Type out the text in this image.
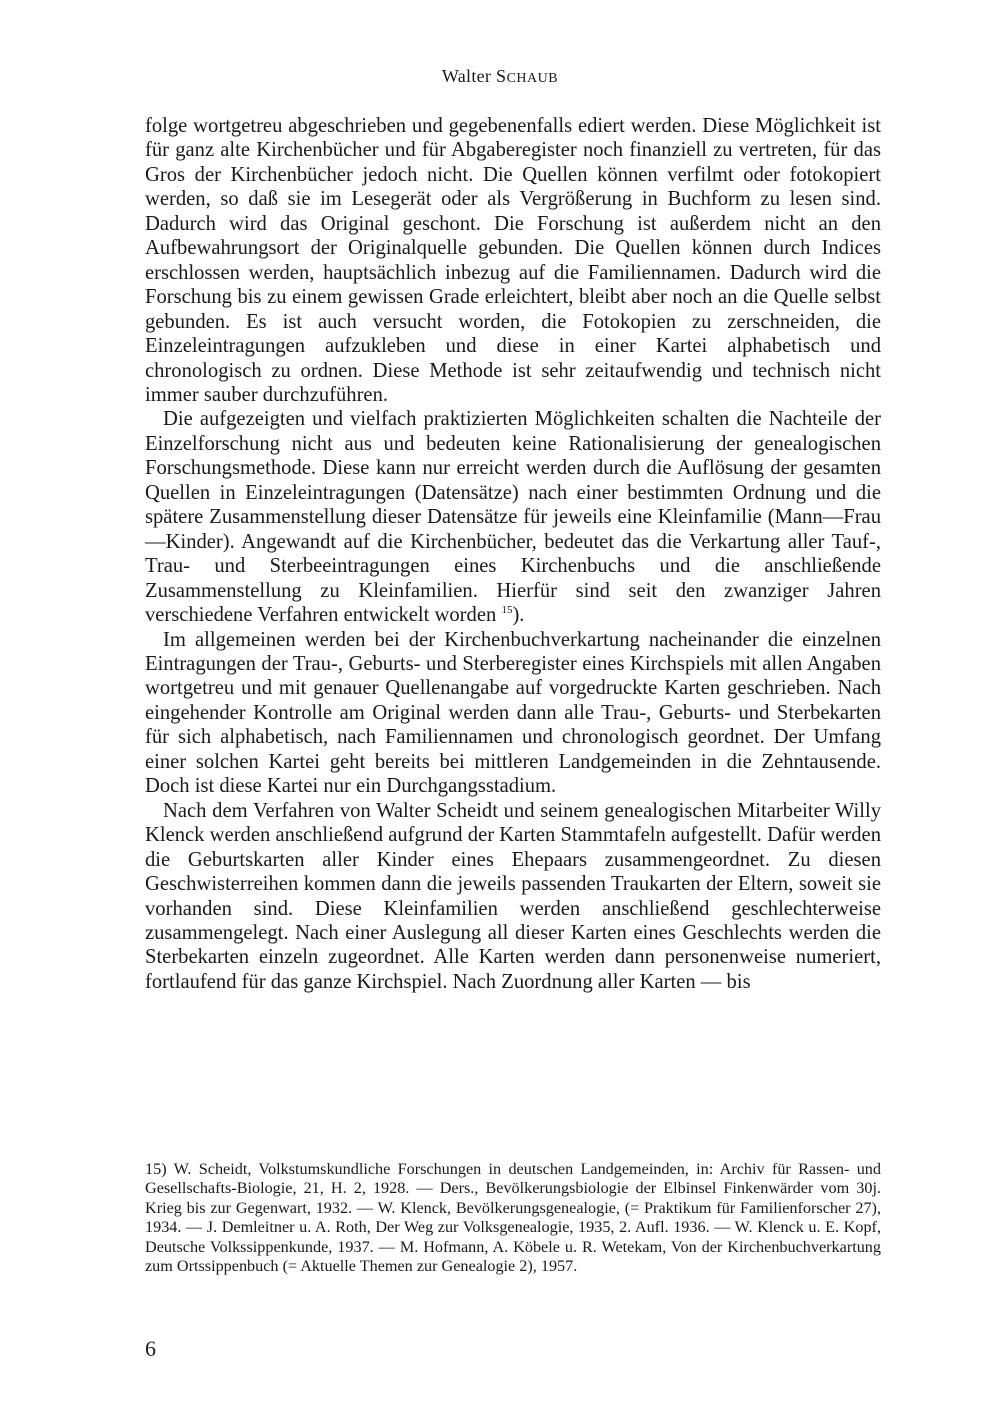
Walter SCHAUB

folge wortgetreu abgeschrieben und gegebenenfalls ediert werden. Diese Möglichkeit ist für ganz alte Kirchenbücher und für Abgaberegister noch finanziell zu vertreten, für das Gros der Kirchenbücher jedoch nicht. Die Quellen können verfilmt oder fotokopiert werden, so daß sie im Lesegerät oder als Vergrößerung in Buchform zu lesen sind. Dadurch wird das Original geschont. Die Forschung ist außerdem nicht an den Aufbewahrungsort der Originalquelle gebunden. Die Quellen können durch Indices erschlossen werden, hauptsächlich inbezug auf die Familiennamen. Dadurch wird die Forschung bis zu einem gewissen Grade erleichtert, bleibt aber noch an die Quelle selbst gebunden. Es ist auch versucht worden, die Fotokopien zu zerschneiden, die Einzeleintragungen aufzukleben und diese in einer Kartei alphabetisch und chronologisch zu ordnen. Diese Methode ist sehr zeitaufwendig und technisch nicht immer sauber durchzuführen.

Die aufgezeigten und vielfach praktizierten Möglichkeiten schalten die Nachteile der Einzelforschung nicht aus und bedeuten keine Rationalisierung der genealogischen Forschungsmethode. Diese kann nur erreicht werden durch die Auflösung der gesamten Quellen in Einzeleintragungen (Datensätze) nach einer bestimmten Ordnung und die spätere Zusammenstellung dieser Datensätze für jeweils eine Kleinfamilie (Mann—Frau—Kinder). Angewandt auf die Kirchenbücher, bedeutet das die Verkartung aller Tauf-, Trau- und Sterbeeintragungen eines Kirchenbuchs und die anschließende Zusammenstellung zu Kleinfamilien. Hierfür sind seit den zwanziger Jahren verschiedene Verfahren entwickelt worden $^{15}$).

Im allgemeinen werden bei der Kirchenbuchverkartung nacheinander die einzelnen Eintragungen der Trau-, Geburts- und Sterberegister eines Kirchspiels mit allen Angaben wortgetreu und mit genauer Quellenangabe auf vorgedruckte Karten geschrieben. Nach eingehender Kontrolle am Original werden dann alle Trau-, Geburts- und Sterbekarten für sich alphabetisch, nach Familiennamen und chronologisch geordnet. Der Umfang einer solchen Kartei geht bereits bei mittleren Landgemeinden in die Zehntausende. Doch ist diese Kartei nur ein Durchgangsstadium.

Nach dem Verfahren von Walter Scheidt und seinem genealogischen Mitarbeiter Willy Klenck werden anschließend aufgrund der Karten Stammtafeln aufgestellt. Dafür werden die Geburtskarten aller Kinder eines Ehepaars zusammengeordnet. Zu diesen Geschwisterreihen kommen dann die jeweils passenden Traukarten der Eltern, soweit sie vorhanden sind. Diese Kleinfamilien werden anschließend geschlechterweise zusammengelegt. Nach einer Auslegung all dieser Karten eines Geschlechts werden die Sterbekarten einzeln zugeordnet. Alle Karten werden dann personenweise numeriert, fortlaufend für das ganze Kirchspiel. Nach Zuordnung aller Karten — bis

15) W. Scheidt, Volkstumskundliche Forschungen in deutschen Landgemeinden, in: Archiv für Rassen- und Gesellschafts-Biologie, 21, H. 2, 1928. — Ders., Bevölkerungsbiologie der Elbinsel Finkenwärder vom 30j. Krieg bis zur Gegenwart, 1932. — W. Klenck, Bevölkerungsgenealogie, (= Praktikum für Familienforscher 27), 1934. — J. Demleitner u. A. Roth, Der Weg zur Volksgenealogie, 1935, 2. Aufl. 1936. — W. Klenck u. E. Kopf, Deutsche Volkssippenkunde, 1937. — M. Hofmann, A. Köbele u. R. Wetekam, Von der Kirchenbuchverkartung zum Ortssippenbuch (= Aktuelle Themen zur Genealogie 2), 1957.

6
